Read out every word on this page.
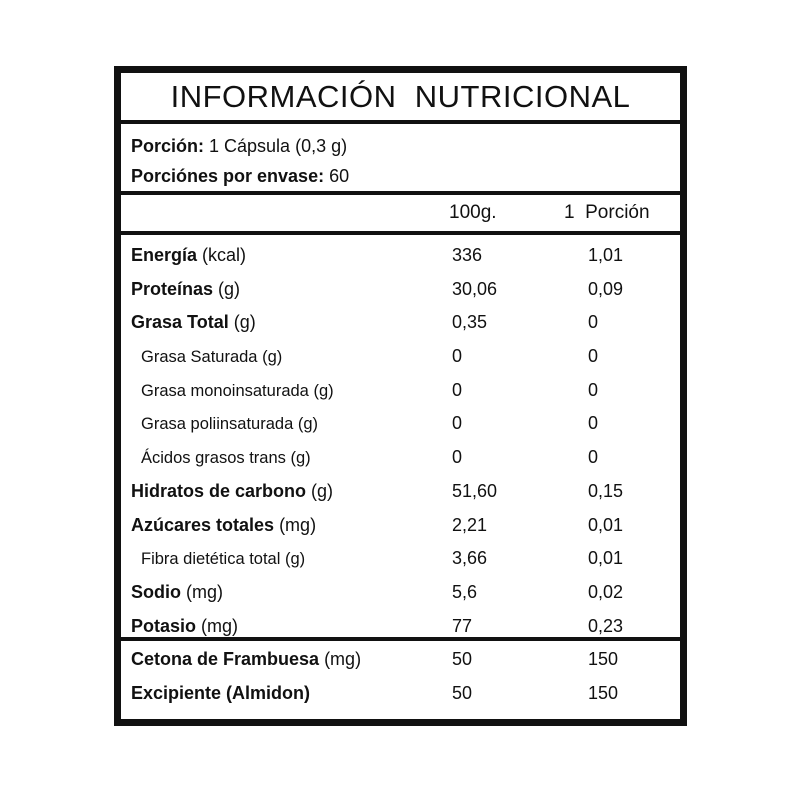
INFORMACIÓN  NUTRICIONAL
Porción: 1 Cápsula (0,3 g)
Porciónes por envase: 60
100g.	1  Porción
Energía (kcal)	336	1,01
Proteínas (g)	30,06	0,09
Grasa Total (g)	0,35	0
Grasa Saturada (g)	0	0
Grasa monoinsaturada (g)	0	0
Grasa poliinsaturada (g)	0	0
Ácidos grasos trans (g)	0	0
Hidratos de carbono (g)	51,60	0,15
Azúcares totales (mg)	2,21	0,01
Fibra dietética total (g)	3,66	0,01
Sodio (mg)	5,6	0,02
Potasio (mg)	77	0,23
Cetona de Frambuesa (mg)	50	150
Excipiente (Almidon)	50	150
